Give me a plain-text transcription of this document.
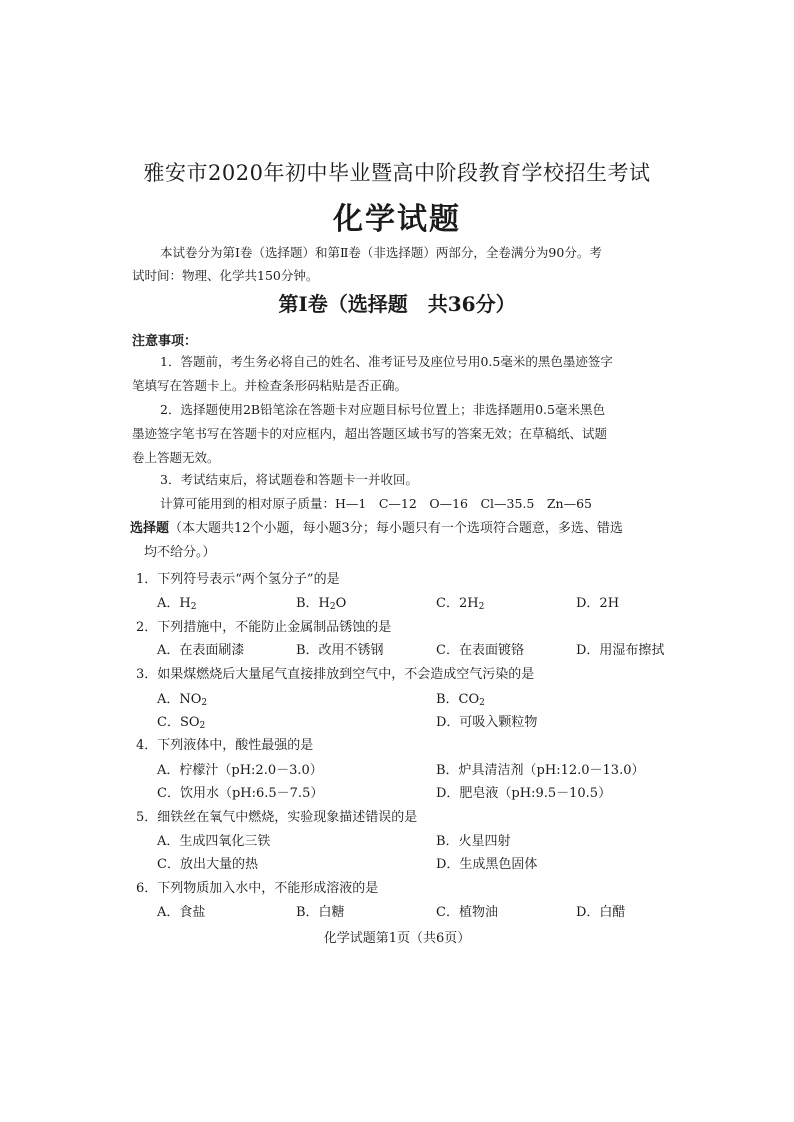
雅安市2020年初中毕业暨高中阶段教育学校招生考试
化学试题
本试卷分为第Ⅰ卷（选择题）和第Ⅱ卷（非选择题）两部分，全卷满分为90分。考
试时间：物理、化学共150分钟。
第Ⅰ卷（选择题　共36分）
注意事项：
1．答题前，考生务必将自己的姓名、准考证号及座位号用0.5毫米的黑色墨迹签字
笔填写在答题卡上。并检查条形码粘贴是否正确。
2．选择题使用2B铅笔涂在答题卡对应题目标号位置上；非选择题用0.5毫米黑色
墨迹签字笔书写在答题卡的对应框内，超出答题区域书写的答案无效；在草稿纸、试题
卷上答题无效。
3．考试结束后，将试题卷和答题卡一并收回。
计算可能用到的相对原子质量：H—1　C—12　O—16　Cl—35.5　Zn—65
选择题（本大题共12个小题，每小题3分；每小题只有一个选项符合题意，多选、错选
均不给分。）
1．下列符号表示“两个氢分子”的是
A．$H_2$	B．$H_2O$	C．$2H_2$	D．2H
2．下列措施中，不能防止金属制品锈蚀的是
A．在表面刷漆	B．改用不锈钢	C．在表面镀铬	D．用湿布擦拭
3．如果煤燃烧后大量尾气直接排放到空气中，不会造成空气污染的是
A．$NO_2$	B．$CO_2$
C．$SO_2$	D．可吸入颗粒物
4．下列液体中，酸性最强的是
A．柠檬汁（pH:2.0－3.0）	B．炉具清洁剂（pH:12.0－13.0）
C．饮用水（pH:6.5－7.5）	D．肥皂液（pH:9.5－10.5）
5．细铁丝在氧气中燃烧，实验现象描述错误的是
A．生成四氧化三铁	B．火星四射
C．放出大量的热	D．生成黑色固体
6．下列物质加入水中，不能形成溶液的是
A．食盐	B．白糖	C．植物油	D．白醋
化学试题第1页（共6页）
